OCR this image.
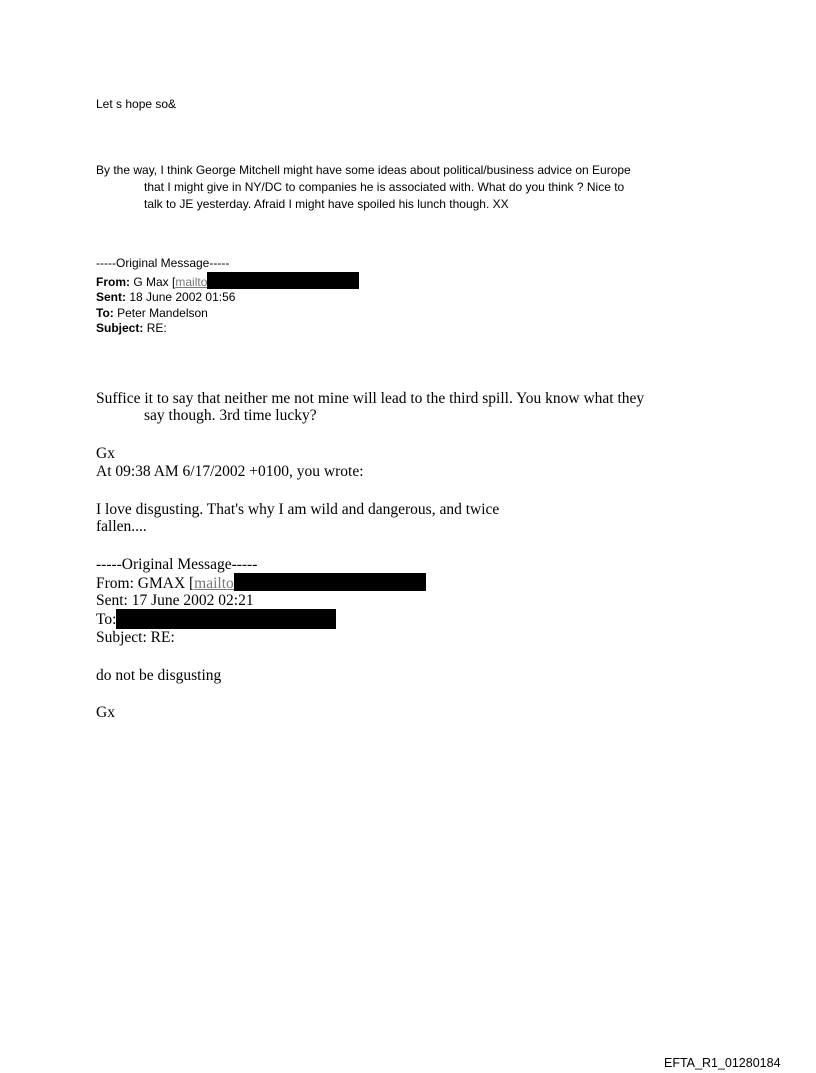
Let s hope so&
By the way, I think George Mitchell might have some ideas about political/business advice on Europe
that I might give in NY/DC to companies he is associated with. What do you think ? Nice to
talk to JE yesterday. Afraid I might have spoiled his lunch though. XX
-----Original Message-----
From: G Max [mailto
Sent: 18 June 2002 01:56
To: Peter Mandelson
Subject: RE:
Suffice it to say that neither me not mine will lead to the third spill. You know what they
say though. 3rd time lucky?
Gx
At 09:38 AM 6/17/2002 +0100, you wrote:
I love disgusting. That's why I am wild and dangerous, and twice
fallen....
-----Original Message-----
From: GMAX [mailto
Sent: 17 June 2002 02:21
To:
Subject: RE:
do not be disgusting
Gx
EFTA_R1_01280184
